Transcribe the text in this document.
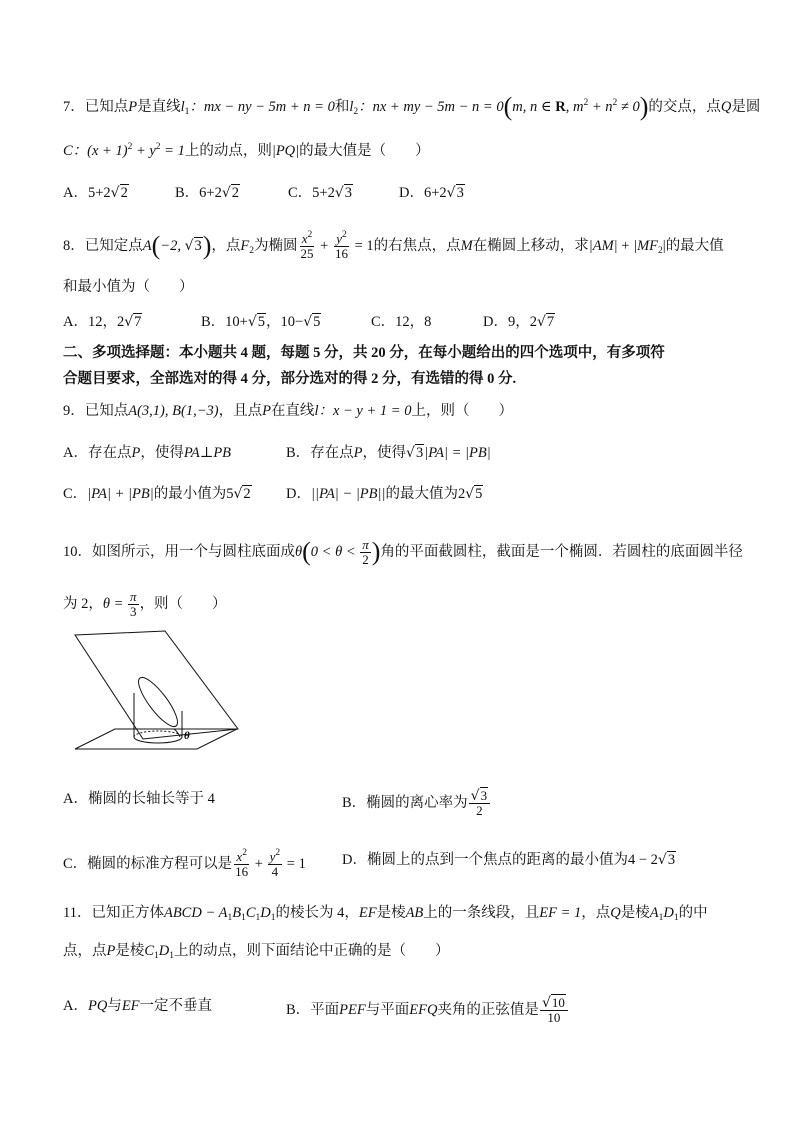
7．已知点P是直线$l_1$：mx − ny − 5m + n = 0和$l_2$：nx + my − 5m − n = 0(m, n ∈ R, $m^2 + n^2 \ne 0$)的交点，点Q是圆
C：$(x + 1)^2 + y^2 = 1$上的动点，则|PQ|的最大值是（　　）
A．5+2√2	B．6+2√2	C．5+2√3	D．6+2√3
8．已知定点A(−2, √3)，点$F_2$为椭圆 $\frac{x^2}{25} + \frac{y^2}{16} = 1$的右焦点，点M在椭圆上移动，求$|AM| + |MF_2|$的最大值
和最小值为（　　）
A．12，2√7	B．10+√5，10−√5	C．12，8	D．9，2√7
二、多项选择题：本小题共 4 题，每题 5 分，共 20 分，在每小题给出的四个选项中，有多项符
合题目要求，全部选对的得 4 分，部分选对的得 2 分，有选错的得 0 分.
9．已知点A(3,1), B(1,−3)，且点P在直线l：x − y + 1 = 0上，则（　　）
A．存在点P，使得PA⊥PB	B．存在点P，使得√3|PA| = |PB|
C．|PA| + |PB|的最小值为5√2 D．||PA| − |PB||的最大值为2√5
10．如图所示，用一个与圆柱底面成$\theta(0 < \theta < \frac{\pi}{2}$ )角的平面截圆柱，截面是一个椭圆．若圆柱的底面圆半径
为 2，$\theta = \frac{\pi}{3}$ ，则（　　）
θ
A．椭圆的长轴长等于 4	B．椭圆的离心率为 $\frac{√3}{2}$
C．椭圆的标准方程可以是 $\frac{x^2}{16} + \frac{y^2}{4} = 1$ D．椭圆上的点到一个焦点的距离的最小值为4 − 2√3
11．已知正方体ABCD − $A_1B_1C_1D_1$的棱长为 4，EF是棱AB上的一条线段，且EF = 1，点Q是棱$A_1D_1$的中
点，点P是棱$C_1D_1$上的动点，则下面结论中正确的是（　　）
A．PQ与EF一定不垂直	B．平面PEF与平面EFQ夹角的正弦值是 $\frac{√10}{10}$
